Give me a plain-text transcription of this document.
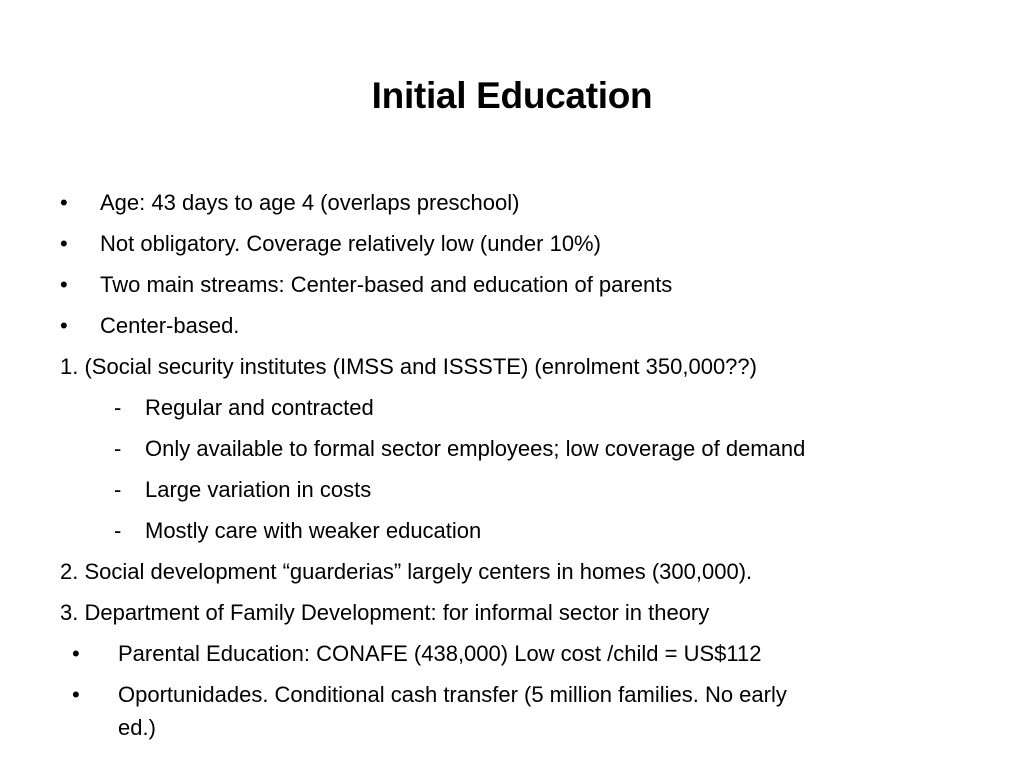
Initial Education
• Age: 43 days to age 4 (overlaps preschool)
• Not obligatory. Coverage relatively low (under 10%)
• Two main streams: Center-based and education of parents
• Center-based.
1. (Social security institutes (IMSS and ISSSTE) (enrolment 350,000??)
- Regular and contracted
- Only available to formal sector employees; low coverage of demand
- Large variation in costs
- Mostly care with weaker education
2. Social development “guarderias” largely centers in homes (300,000).
3. Department of Family Development: for informal sector in theory
• Parental Education: CONAFE (438,000) Low cost /child = US$112
• Oportunidades. Conditional cash transfer (5 million families. No early
ed.)
